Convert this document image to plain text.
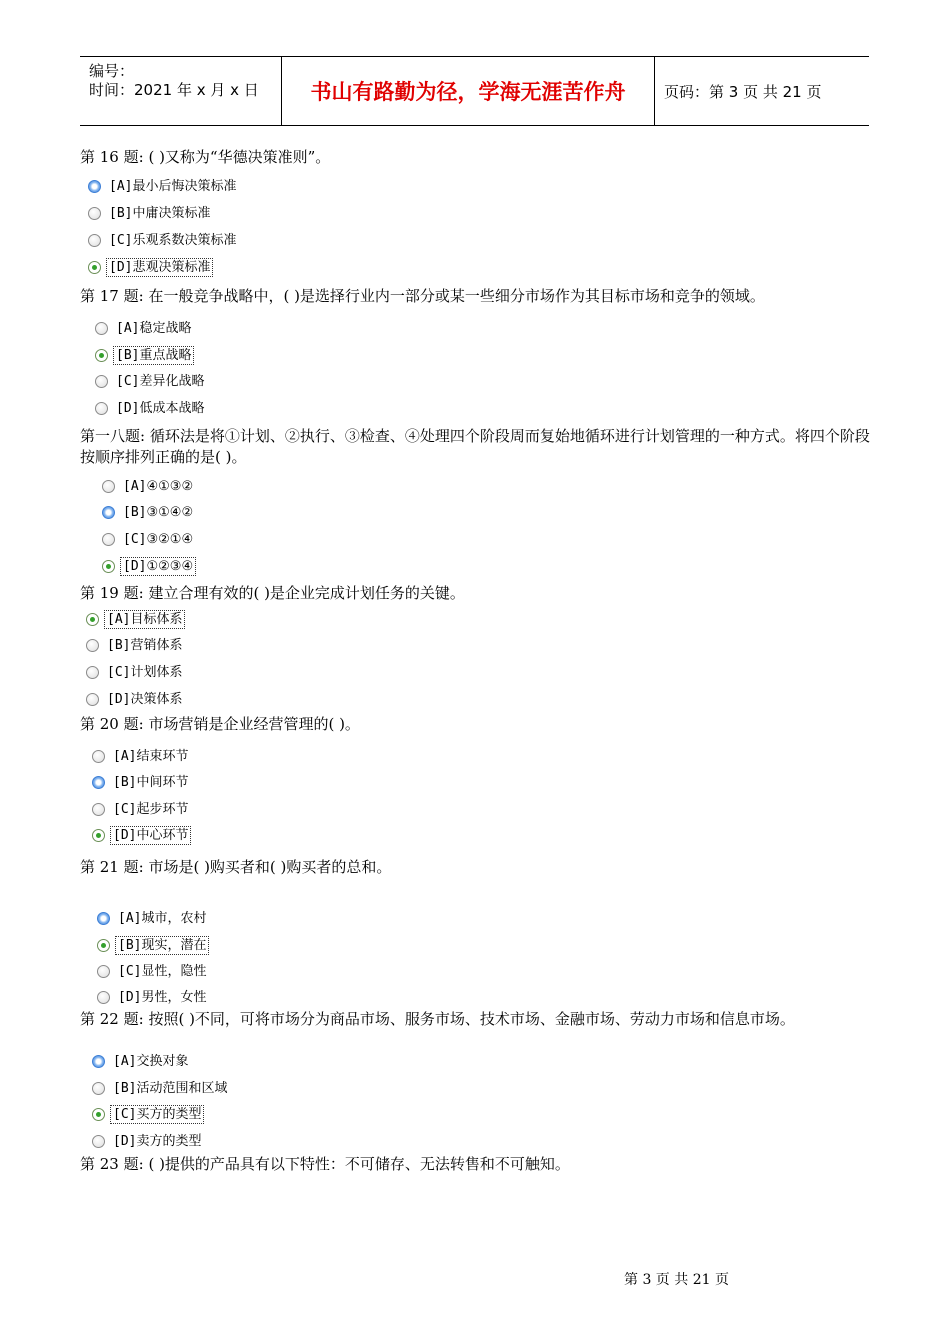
编号：
时间：2021 年 x 月 x 日	书山有路勤为径，学海无涯苦作舟	页码：第 3 页 共 21 页
第 16 题: ( )又称为“华德决策准则”。
[A]最小后悔决策标准
[B]中庸决策标准
[C]乐观系数决策标准
[D]悲观决策标准
第 17 题: 在一般竞争战略中，( )是选择行业内一部分或某一些细分市场作为其目标市场和竞争的领域。
[A]稳定战略
[B]重点战略
[C]差异化战略
[D]低成本战略
第一八题: 循环法是将①计划、②执行、③检查、④处理四个阶段周而复始地循环进行计划管理的一种方式。将四个阶段按顺序排列正确的是( )。
[A]④①③②
[B]③①④②
[C]③②①④
[D]①②③④
第 19 题: 建立合理有效的( )是企业完成计划任务的关键。
[A]目标体系
[B]营销体系
[C]计划体系
[D]决策体系
第 20 题: 市场营销是企业经营管理的( )。
[A]结束环节
[B]中间环节
[C]起步环节
[D]中心环节
第 21 题: 市场是( )购买者和( )购买者的总和。
[A]城市，农村
[B]现实，潜在
[C]显性，隐性
[D]男性，女性
第 22 题: 按照( )不同，可将市场分为商品市场、服务市场、技术市场、金融市场、劳动力市场和信息市场。
[A]交换对象
[B]活动范围和区域
[C]买方的类型
[D]卖方的类型
第 23 题: ( )提供的产品具有以下特性：不可储存、无法转售和不可触知。
第 3 页 共 21 页
